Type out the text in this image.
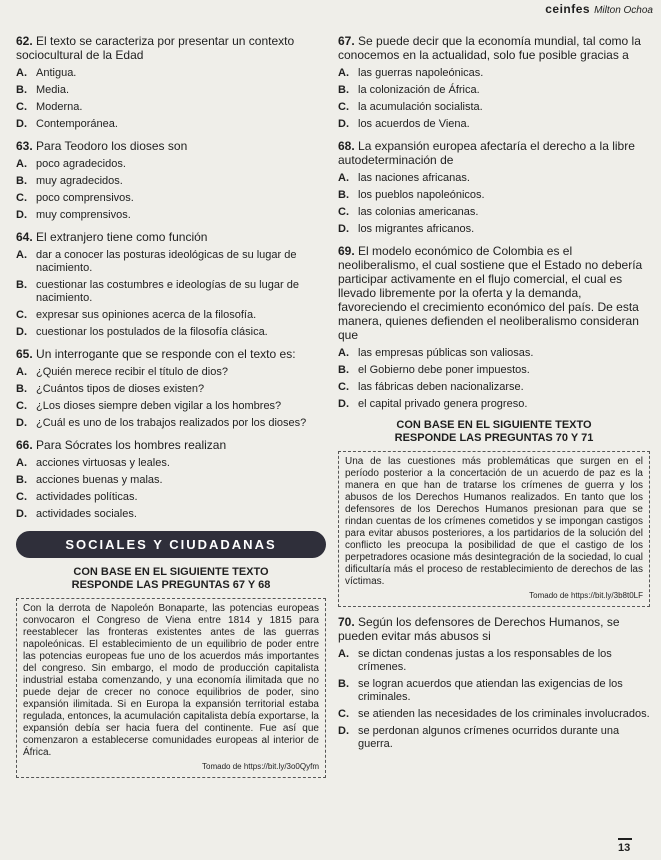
ceinfes Milton Ochoa
62. El texto se caracteriza por presentar un contexto sociocultural de la Edad
A. Antigua.
B. Media.
C. Moderna.
D. Contemporánea.
63. Para Teodoro los dioses son
A. poco agradecidos.
B. muy agradecidos.
C. poco comprensivos.
D. muy comprensivos.
64. El extranjero tiene como función
A. dar a conocer las posturas ideológicas de su lugar de nacimiento.
B. cuestionar las costumbres e ideologías de su lugar de nacimiento.
C. expresar sus opiniones acerca de la filosofía.
D. cuestionar los postulados de la filosofía clásica.
65. Un interrogante que se responde con el texto es:
A. ¿Quién merece recibir el título de dios?
B. ¿Cuántos tipos de dioses existen?
C. ¿Los dioses siempre deben vigilar a los hombres?
D. ¿Cuál es uno de los trabajos realizados por los dioses?
66. Para Sócrates los hombres realizan
A. acciones virtuosas y leales.
B. acciones buenas y malas.
C. actividades políticas.
D. actividades sociales.
SOCIALES Y CIUDADANAS
CON BASE EN EL SIGUIENTE TEXTO
RESPONDE LAS PREGUNTAS 67 Y 68
Con la derrota de Napoleón Bonaparte, las potencias europeas convocaron el Congreso de Viena entre 1814 y 1815 para reestablecer las fronteras existentes antes de las guerras napoleónicas. El establecimiento de un equilibrio de poder entre las potencias europeas fue uno de los acuerdos más importantes del congreso. Sin embargo, el modo de producción capitalista industrial estaba comenzando, y una economía ilimitada que no puede dejar de crecer no conoce equilibrios de poder, sino expansión ilimitada. Si en Europa la expansión territorial estaba regulada, entonces, la acumulación capitalista debía exportarse, la expansión debía ser hacia fuera del continente. Fue así que comenzaron a establecerse comunidades europeas al interior de África.
Tomado de https://bit.ly/3o0Qyfm
67. Se puede decir que la economía mundial, tal como la conocemos en la actualidad, solo fue posible gracias a
A. las guerras napoleónicas.
B. la colonización de África.
C. la acumulación socialista.
D. los acuerdos de Viena.
68. La expansión europea afectaría el derecho a la libre autodeterminación de
A. las naciones africanas.
B. los pueblos napoleónicos.
C. las colonias americanas.
D. los migrantes africanos.
69. El modelo económico de Colombia es el neoliberalismo, el cual sostiene que el Estado no debería participar activamente en el flujo comercial, el cual es llevado libremente por la oferta y la demanda, favoreciendo el crecimiento económico del país. De esta manera, quienes defienden el neoliberalismo consideran que
A. las empresas públicas son valiosas.
B. el Gobierno debe poner impuestos.
C. las fábricas deben nacionalizarse.
D. el capital privado genera progreso.
CON BASE EN EL SIGUIENTE TEXTO
RESPONDE LAS PREGUNTAS 70 Y 71
Una de las cuestiones más problemáticas que surgen en el período posterior a la concertación de un acuerdo de paz es la manera en que han de tratarse los crímenes de guerra y los abusos de los Derechos Humanos realizados. En tanto que los defensores de los Derechos Humanos presionan para que se rindan cuentas de los crímenes cometidos y se impongan castigos para evitar abusos posteriores, a los partidarios de la solución del conflicto les preocupa la posibilidad de que el castigo de los perpetradores ocasione más desintegración de la sociedad, lo cual dificultaría más el proceso de restablecimiento de derechos de las víctimas.
Tomado de https://bit.ly/3b8t0LF
70. Según los defensores de Derechos Humanos, se pueden evitar más abusos si
A. se dictan condenas justas a los responsables de los crímenes.
B. se logran acuerdos que atiendan las exigencias de los criminales.
C. se atienden las necesidades de los criminales involucrados.
D. se perdonan algunos crímenes ocurridos durante una guerra.
13
